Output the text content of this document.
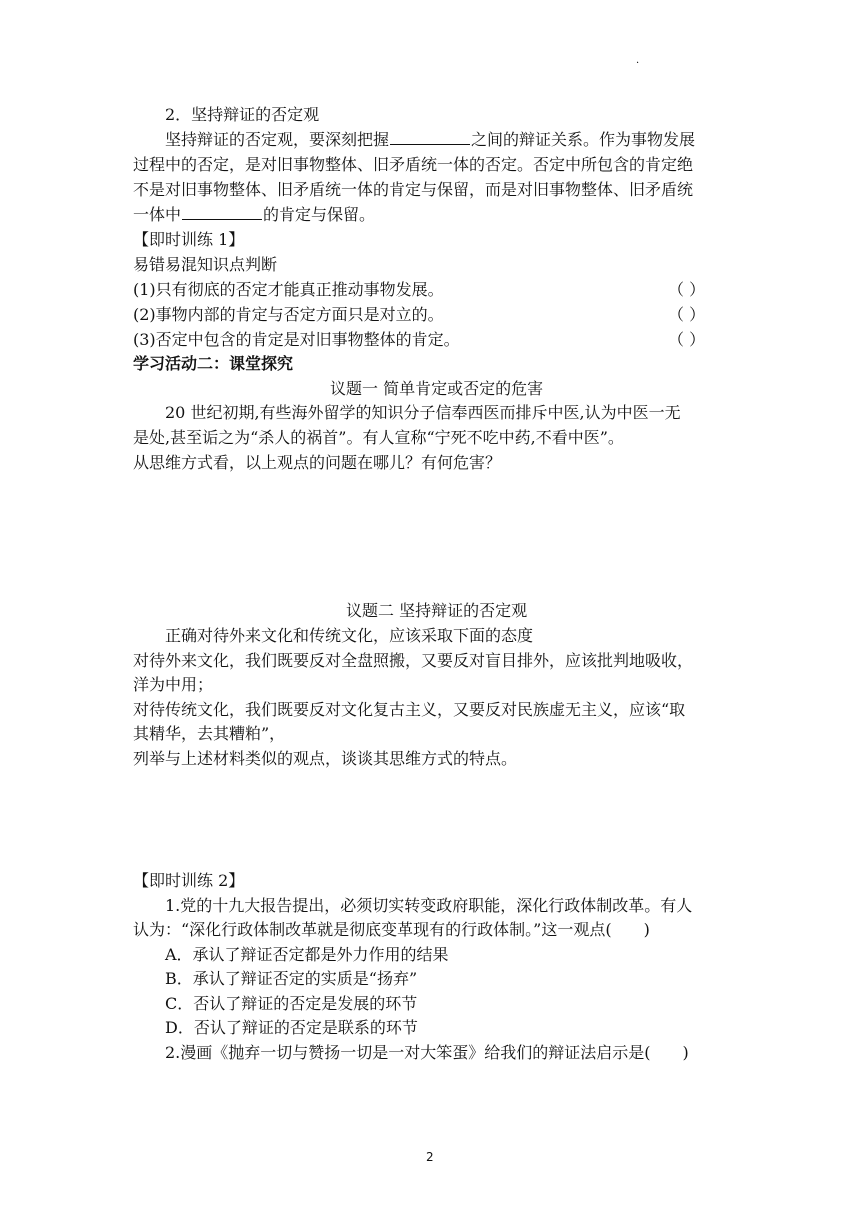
·
2．坚持辩证的否定观
坚持辩证的否定观，要深刻把握	之间的辩证关系。作为事物发展
过程中的否定，是对旧事物整体、旧矛盾统一体的否定。否定中所包含的肯定绝
不是对旧事物整体、旧矛盾统一体的肯定与保留，而是对旧事物整体、旧矛盾统
一体中	的肯定与保留。
【即时训练 1】
易错易混知识点判断
(1)只有彻底的否定才能真正推动事物发展。	（ ）
(2)事物内部的肯定与否定方面只是对立的。	（ ）
(3)否定中包含的肯定是对旧事物整体的肯定。	（ ）
学习活动二：课堂探究
议题一 简单肯定或否定的危害
20 世纪初期,有些海外留学的知识分子信奉西医而排斥中医,认为中医一无
是处,甚至诟之为“杀人的祸首”。有人宣称“宁死不吃中药,不看中医”。
从思维方式看，以上观点的问题在哪儿？有何危害？
议题二 坚持辩证的否定观
正确对待外来文化和传统文化，应该采取下面的态度
对待外来文化，我们既要反对全盘照搬，又要反对盲目排外，应该批判地吸收，
洋为中用；
对待传统文化，我们既要反对文化复古主义，又要反对民族虚无主义，应该“取
其精华，去其糟粕”，
列举与上述材料类似的观点，谈谈其思维方式的特点。
【即时训练 2】
1.党的十九大报告提出，必须切实转变政府职能，深化行政体制改革。有人
认为：“深化行政体制改革就是彻底变革现有的行政体制。”这一观点(　　)
A．承认了辩证否定都是外力作用的结果
B．承认了辩证否定的实质是“扬弃”
C．否认了辩证的否定是发展的环节
D．否认了辩证的否定是联系的环节
2.漫画《抛弃一切与赞扬一切是一对大笨蛋》给我们的辩证法启示是(　　)
2
